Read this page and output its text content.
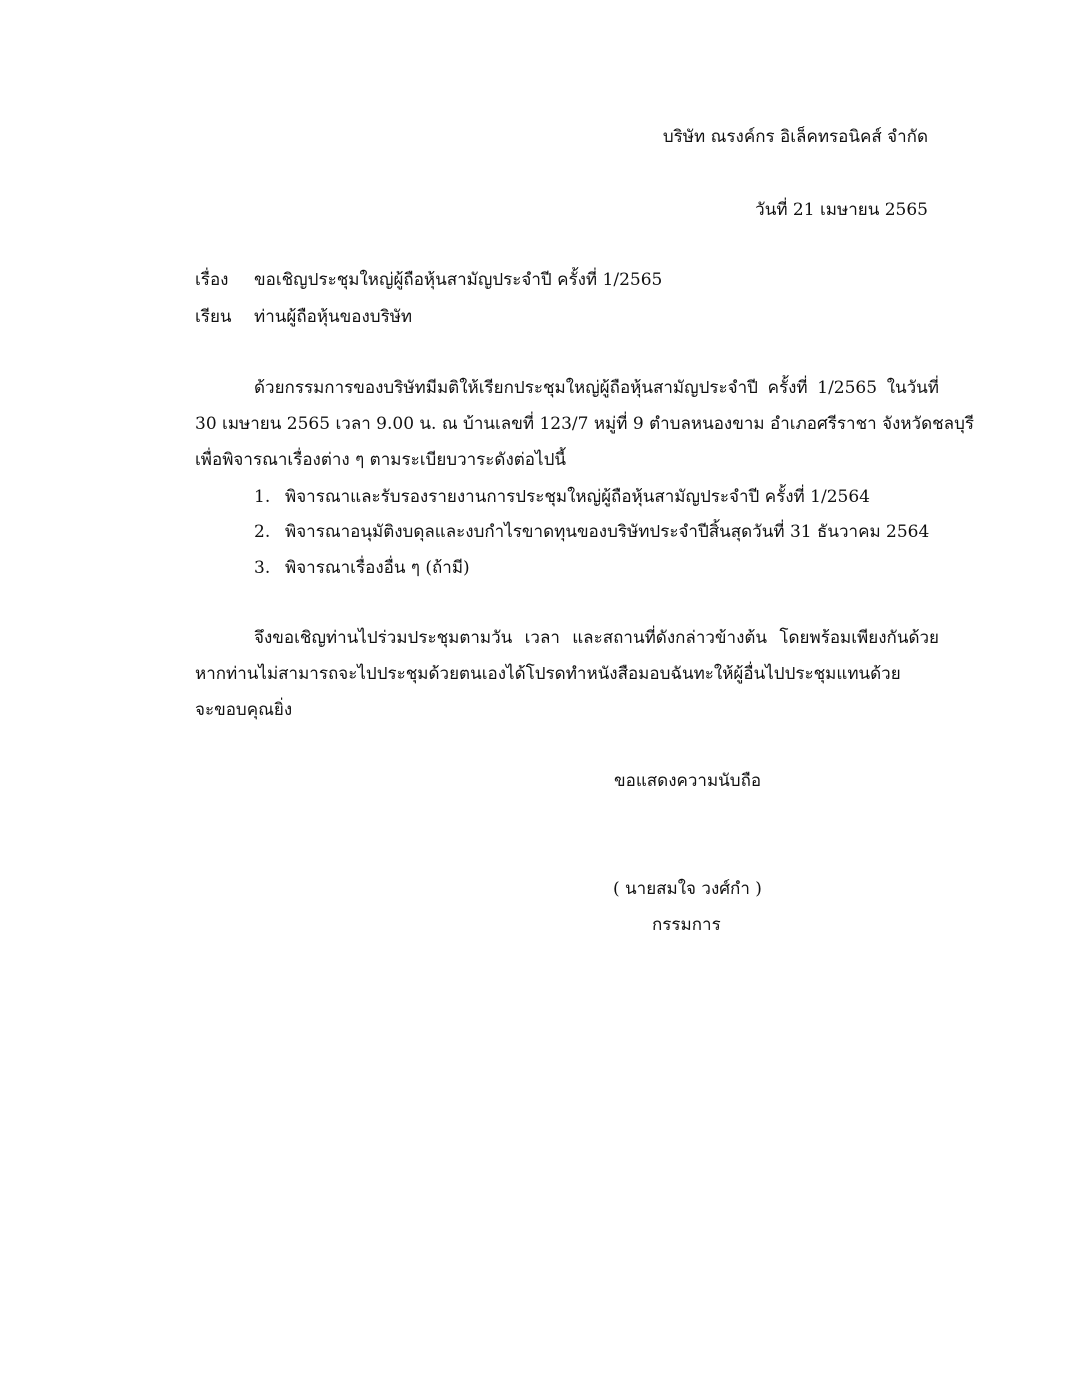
บริษัท ณรงค์กร อิเล็คทรอนิคส์ จำกัด
วันที่ 21 เมษายน 2565
เรื่อง ขอเชิญประชุมใหญ่ผู้ถือหุ้นสามัญประจำปี ครั้งที่ 1/2565
เรียน ท่านผู้ถือหุ้นของบริษัท
ด้วยกรรมการของบริษัทมีมติให้เรียกประชุมใหญ่ผู้ถือหุ้นสามัญประจำปี ครั้งที่ 1/2565 ในวันที่
30 เมษายน 2565 เวลา 9.00 น. ณ บ้านเลขที่ 123/7 หมู่ที่ 9 ตำบลหนองขาม อำเภอศรีราชา จังหวัดชลบุรี
เพื่อพิจารณาเรื่องต่าง ๆ ตามระเบียบวาระดังต่อไปนี้
1. พิจารณาและรับรองรายงานการประชุมใหญ่ผู้ถือหุ้นสามัญประจำปี ครั้งที่ 1/2564
2. พิจารณาอนุมัติงบดุลและงบกำไรขาดทุนของบริษัทประจำปีสิ้นสุดวันที่ 31 ธันวาคม 2564
3. พิจารณาเรื่องอื่น ๆ (ถ้ามี)
จึงขอเชิญท่านไปร่วมประชุมตามวัน เวลา และสถานที่ดังกล่าวข้างต้น โดยพร้อมเพียงกันด้วย
หากท่านไม่สามารถจะไปประชุมด้วยตนเองได้โปรดทำหนังสือมอบฉันทะให้ผู้อื่นไปประชุมแทนด้วย
จะขอบคุณยิ่ง
ขอแสดงความนับถือ
( นายสมใจ วงศ์กำ )
กรรมการ
